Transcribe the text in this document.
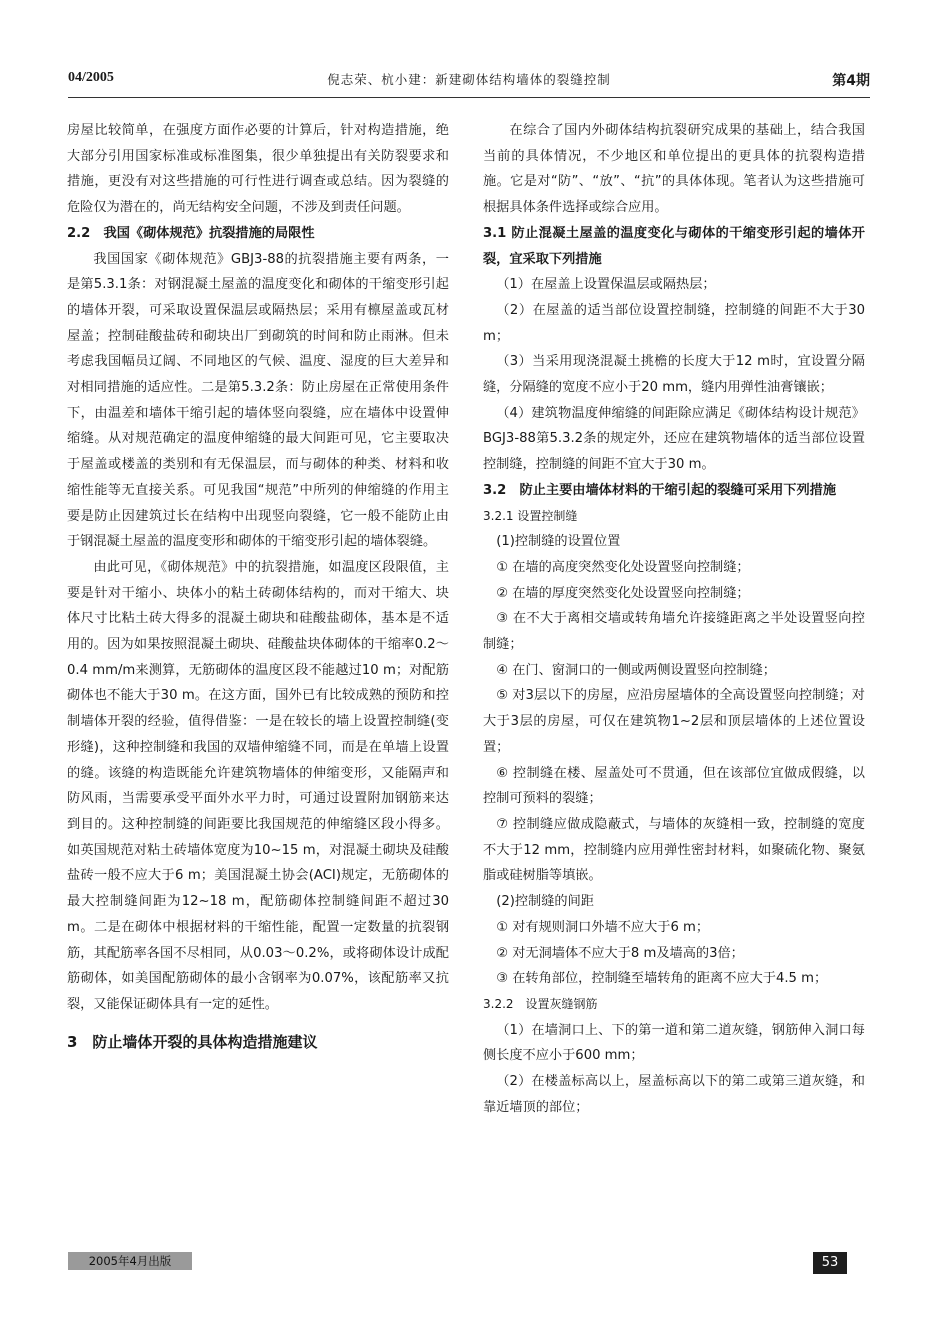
04/2005	倪志荣、杭小建：新建砌体结构墙体的裂缝控制	第4期

房屋比较简单，在强度方面作必要的计算后，针对构造措施，绝大部分引用国家标准或标准图集，很少单独提出有关防裂要求和措施，更没有对这些措施的可行性进行调查或总结。因为裂缝的危险仅为潜在的，尚无结构安全问题，不涉及到责任问题。

2.2　我国《砌体规范》抗裂措施的局限性

我国国家《砌体规范》GBJ3-88的抗裂措施主要有两条，一是第5.3.1条：对钢混凝土屋盖的温度变化和砌体的干缩变形引起的墙体开裂，可采取设置保温层或隔热层；采用有檩屋盖或瓦材屋盖；控制硅酸盐砖和砌块出厂到砌筑的时间和防止雨淋。但未考虑我国幅员辽阔、不同地区的气候、温度、湿度的巨大差异和对相同措施的适应性。二是第5.3.2条：防止房屋在正常使用条件下，由温差和墙体干缩引起的墙体竖向裂缝，应在墙体中设置伸缩缝。从对规范确定的温度伸缩缝的最大间距可见，它主要取决于屋盖或楼盖的类别和有无保温层，而与砌体的种类、材料和收缩性能等无直接关系。可见我国“规范”中所列的伸缩缝的作用主要是防止因建筑过长在结构中出现竖向裂缝，它一般不能防止由于钢混凝土屋盖的温度变形和砌体的干缩变形引起的墙体裂缝。

由此可见，《砌体规范》中的抗裂措施，如温度区段限值，主要是针对干缩小、块体小的粘土砖砌体结构的，而对干缩大、块体尺寸比粘土砖大得多的混凝土砌块和硅酸盐砌体，基本是不适用的。因为如果按照混凝土砌块、硅酸盐块体砌体的干缩率0.2～0.4 mm/m来测算，无筋砌体的温度区段不能越过10 m；对配筋砌体也不能大于30 m。在这方面，国外已有比较成熟的预防和控制墙体开裂的经验，值得借鉴：一是在较长的墙上设置控制缝(变形缝)，这种控制缝和我国的双墙伸缩缝不同，而是在单墙上设置的缝。该缝的构造既能允许建筑物墙体的伸缩变形，又能隔声和防风雨，当需要承受平面外水平力时，可通过设置附加钢筋来达到目的。这种控制缝的间距要比我国规范的伸缩缝区段小得多。如英国规范对粘土砖墙体宽度为10~15 m，对混凝土砌块及硅酸盐砖一般不应大于6 m；美国混凝土协会(ACI)规定，无筋砌体的最大控制缝间距为12~18 m，配筋砌体控制缝间距不超过30 m。二是在砌体中根据材料的干缩性能，配置一定数量的抗裂钢筋，其配筋率各国不尽相同，从0.03～0.2%，或将砌体设计成配筋砌体，如美国配筋砌体的最小含钢率为0.07%，该配筋率又抗裂，又能保证砌体具有一定的延性。

3　防止墙体开裂的具体构造措施建议

在综合了国内外砌体结构抗裂研究成果的基础上，结合我国当前的具体情况，不少地区和单位提出的更具体的抗裂构造措施。它是对“防”、“放”、“抗”的具体体现。笔者认为这些措施可根据具体条件选择或综合应用。

3.1 防止混凝土屋盖的温度变化与砌体的干缩变形引起的墙体开裂，宜采取下列措施

（1）在屋盖上设置保温层或隔热层；

（2）在屋盖的适当部位设置控制缝，控制缝的间距不大于30 m；

（3）当采用现浇混凝土挑檐的长度大于12 m时，宜设置分隔缝，分隔缝的宽度不应小于20 mm，缝内用弹性油膏镶嵌；

（4）建筑物温度伸缩缝的间距除应满足《砌体结构设计规范》BGJ3-88第5.3.2条的规定外，还应在建筑物墙体的适当部位设置控制缝，控制缝的间距不宜大于30 m。

3.2　防止主要由墙体材料的干缩引起的裂缝可采用下列措施

3.2.1 设置控制缝

(1)控制缝的设置位置

① 在墙的高度突然变化处设置竖向控制缝；

② 在墙的厚度突然变化处设置竖向控制缝；

③ 在不大于离相交墙或转角墙允许接缝距离之半处设置竖向控制缝；

④ 在门、窗洞口的一侧或两侧设置竖向控制缝；

⑤ 对3层以下的房屋，应沿房屋墙体的全高设置竖向控制缝；对大于3层的房屋，可仅在建筑物1~2层和顶层墙体的上述位置设置；

⑥ 控制缝在楼、屋盖处可不贯通，但在该部位宜做成假缝，以控制可预料的裂缝；

⑦ 控制缝应做成隐蔽式，与墙体的灰缝相一致，控制缝的宽度不大于12 mm，控制缝内应用弹性密封材料，如聚硫化物、聚氨脂或硅树脂等填嵌。

(2)控制缝的间距

① 对有规则洞口外墙不应大于6 m；

② 对无洞墙体不应大于8 m及墙高的3倍；

③ 在转角部位，控制缝至墙转角的距离不应大于4.5 m；

3.2.2　设置灰缝钢筋

（1）在墙洞口上、下的第一道和第二道灰缝，钢筋伸入洞口每侧长度不应小于600 mm；

（2）在楼盖标高以上，屋盖标高以下的第二或第三道灰缝，和靠近墙顶的部位；

2005年4月出版	53
